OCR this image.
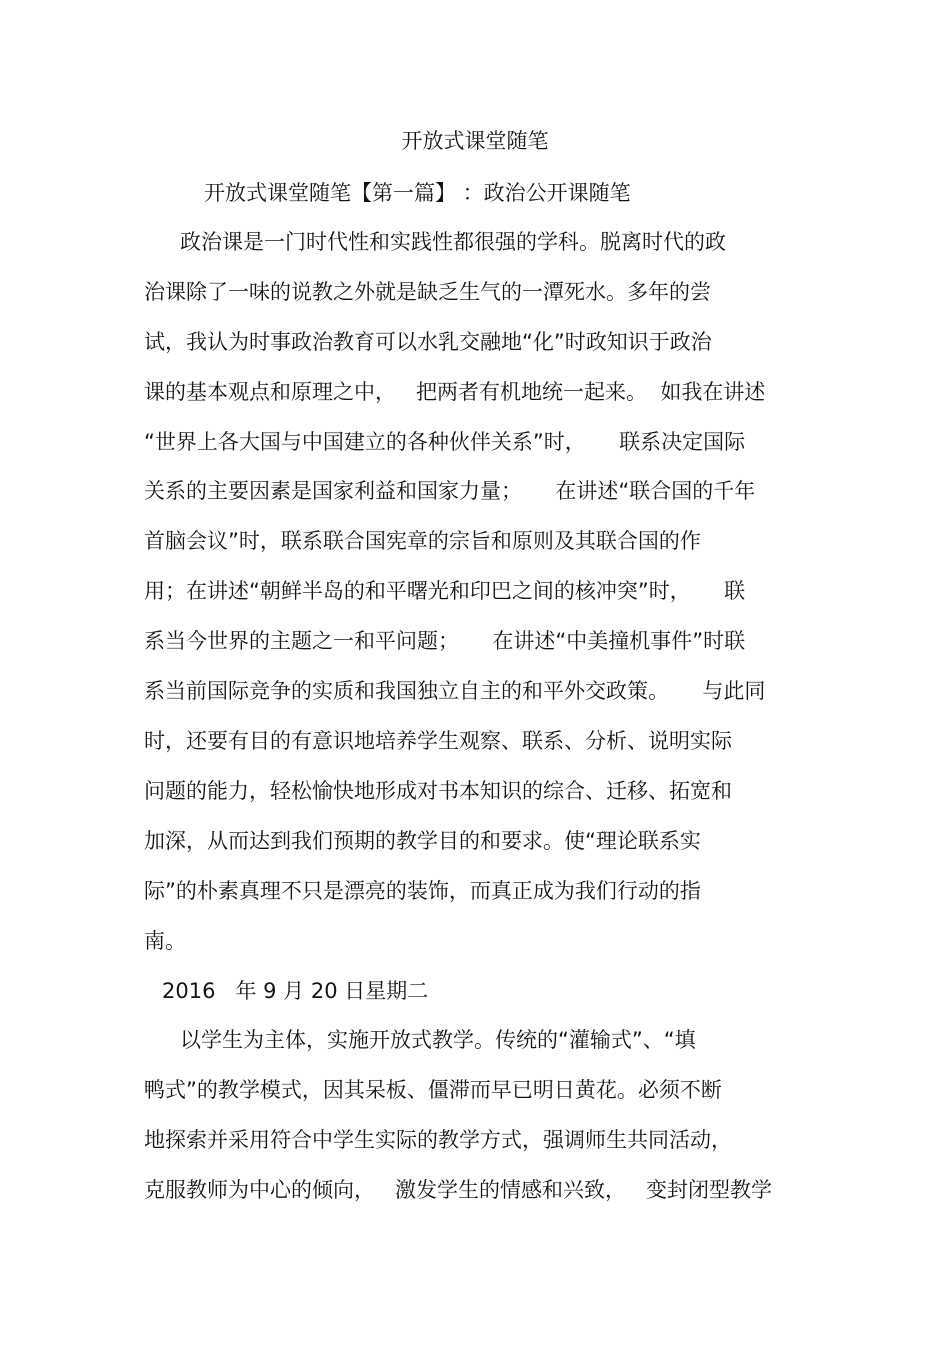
开放式课堂随笔
开放式课堂随笔【第一篇】 ：政治公开课随笔
政治课是一门时代性和实践性都很强的学科。脱离时代的政
治课除了一味的说教之外就是缺乏生气的一潭死水。多年的尝
试，我认为时事政治教育可以水乳交融地“化”时政知识于政治
课的基本观点和原理之中，   把两者有机地统一起来。  如我在讲述
“世界上各大国与中国建立的各种伙伴关系”时，     联系决定国际
关系的主要因素是国家利益和国家力量；     在讲述“联合国的千年
首脑会议”时，联系联合国宪章的宗旨和原则及其联合国的作
用；在讲述“朝鲜半岛的和平曙光和印巴之间的核冲突”时，     联
系当今世界的主题之一和平问题；     在讲述“中美撞机事件”时联
系当前国际竞争的实质和我国独立自主的和平外交政策。     与此同
时，还要有目的有意识地培养学生观察、联系、分析、说明实际
问题的能力，轻松愉快地形成对书本知识的综合、迁移、拓宽和
加深，从而达到我们预期的教学目的和要求。使“理论联系实
际”的朴素真理不只是漂亮的装饰，而真正成为我们行动的指
南。
2016   年 9 月 20 日星期二
以学生为主体，实施开放式教学。传统的“灌输式”、“填
鸭式”的教学模式，因其呆板、僵滞而早已明日黄花。必须不断
地探索并采用符合中学生实际的教学方式，强调师生共同活动，
克服教师为中心的倾向，   激发学生的情感和兴致，   变封闭型教学
